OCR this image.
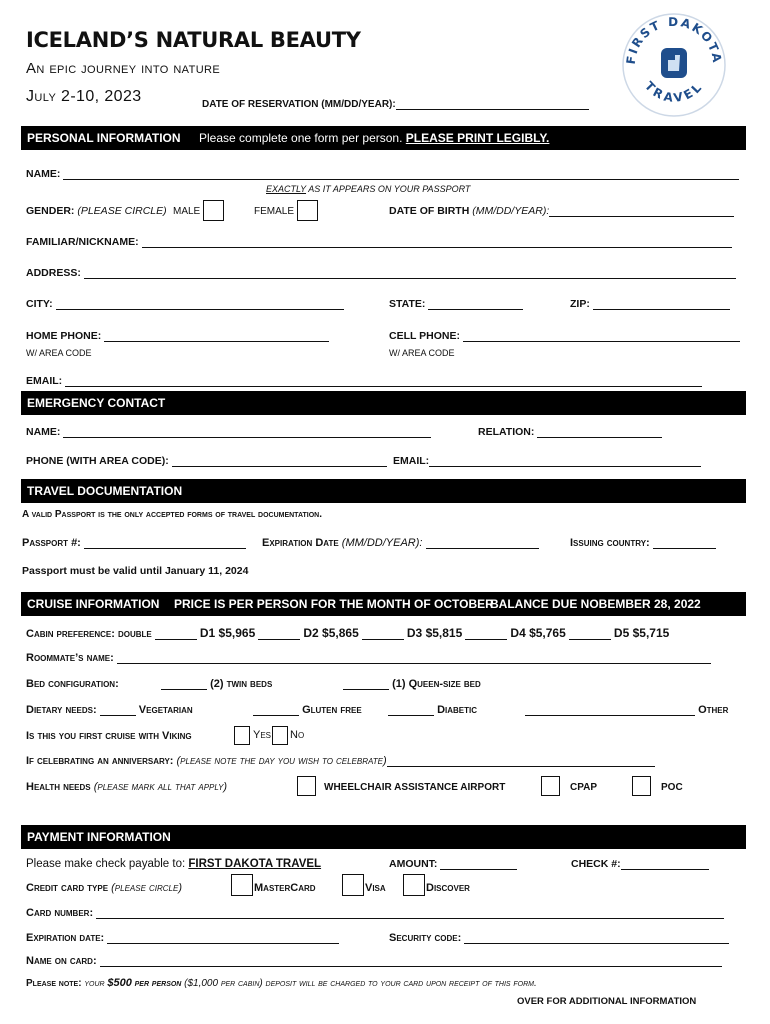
ICELAND’S NATURAL BEAUTY
An epic journey into nature
July 2-10, 2023	DATE OF RESERVATION (MM/DD/YEAR):
FIRST DAKOTA
TRAVEL
PERSONAL INFORMATION Please complete one form per person. PLEASE PRINT LEGIBLY.
NAME:
EXACTLY AS IT APPEARS ON YOUR PASSPORT
GENDER: (PLEASE CIRCLE) MALE	FEMALE	DATE OF BIRTH (MM/DD/YEAR):
FAMILIAR/NICKNAME:
ADDRESS:
CITY:	STATE:	ZIP:
HOME PHONE:
W/ AREA CODE
CELL PHONE:
W/ AREA CODE
EMAIL:
EMERGENCY CONTACT
NAME:	RELATION:
PHONE (WITH AREA CODE):	EMAIL:
TRAVEL DOCUMENTATION
A valid Passport is the only accepted forms of travel documentation.
Passport #:	Expiration Date (MM/DD/YEAR):	Issuing country:
Passport must be valid until January 11, 2024
CRUISE INFORMATION PRICE IS PER PERSON FOR THE MONTH OF OCTOBER
BALANCE DUE NOBEMBER 28, 2022
Cabin preference: double	D1 $5,965	D2 $5,865	D3 $5,815	D4 $5,765	D5 $5,715
Roommate’s name:
Bed configuration:	(2) twin beds	(1) Queen-size bed
Dietary needs:	Vegetarian	Gluten free	Diabetic	Other
Is this you first cruise with Viking	Yes No
If celebrating an anniversary: (please note the day you wish to celebrate)
Health needs (please mark all that apply)	WHEELCHAIR ASSISTANCE AIRPORT	CPAP	POC
PAYMENT INFORMATION
Please make check payable to: FIRST DAKOTA TRAVEL	AMOUNT:	CHECK #:
Credit card type (please circle)	MasterCard	Visa	Discover
Card number:
Expiration date:	Security code:
Name on card:
Please note: your $500 per person ($1,000 per cabin) deposit will be charged to your card upon receipt of this form.
OVER FOR ADDITIONAL INFORMATION
